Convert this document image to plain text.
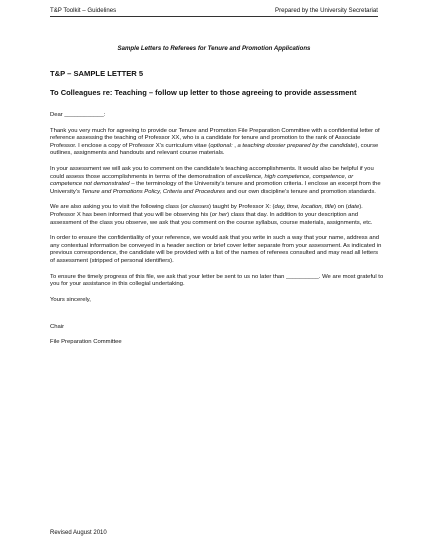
T&P Toolkit – Guidelines	Prepared by the University Secretariat
Sample Letters to Referees for Tenure and Promotion Applications
T&P – SAMPLE LETTER 5
To Colleagues re: Teaching – follow up letter to those agreeing to provide assessment

Dear ____________:

Thank you very much for agreeing to provide our Tenure and Promotion File Preparation Committee with a confidential letter of reference assessing the teaching of Professor XX, who is a candidate for tenure and promotion to the rank of Associate Professor. I enclose a copy of Professor X’s curriculum vitae (optional: , a teaching dossier prepared by the candidate), course outlines, assignments and handouts and relevant course materials.

In your assessment we will ask you to comment on the candidate’s teaching accomplishments. It would also be helpful if you could assess those accomplishments in terms of the demonstration of excellence, high competence, competence, or competence not demonstrated – the terminology of the University’s tenure and promotion criteria. I enclose an excerpt from the University’s Tenure and Promotions Policy, Criteria and Procedures and our own discipline’s tenure and promotion standards.

We are also asking you to visit the following class (or classes) taught by Professor X: (day, time, location, title) on (date). Professor X has been informed that you will be observing his (or her) class that day. In addition to your description and assessment of the class you observe, we ask that you comment on the course syllabus, course materials, assignments, etc.

In order to ensure the confidentiality of your reference, we would ask that you write in such a way that your name, address and any contextual information be conveyed in a header section or brief cover letter separate from your assessment. As indicated in previous correspondence, the candidate will be provided with a list of the names of referees consulted and may read all letters of assessment (stripped of personal identifiers).

To ensure the timely progress of this file, we ask that your letter be sent to us no later than __________. We are most grateful to you for your assistance in this collegial undertaking.

Yours sincerely,

Chair

File Preparation Committee

Revised August 2010
